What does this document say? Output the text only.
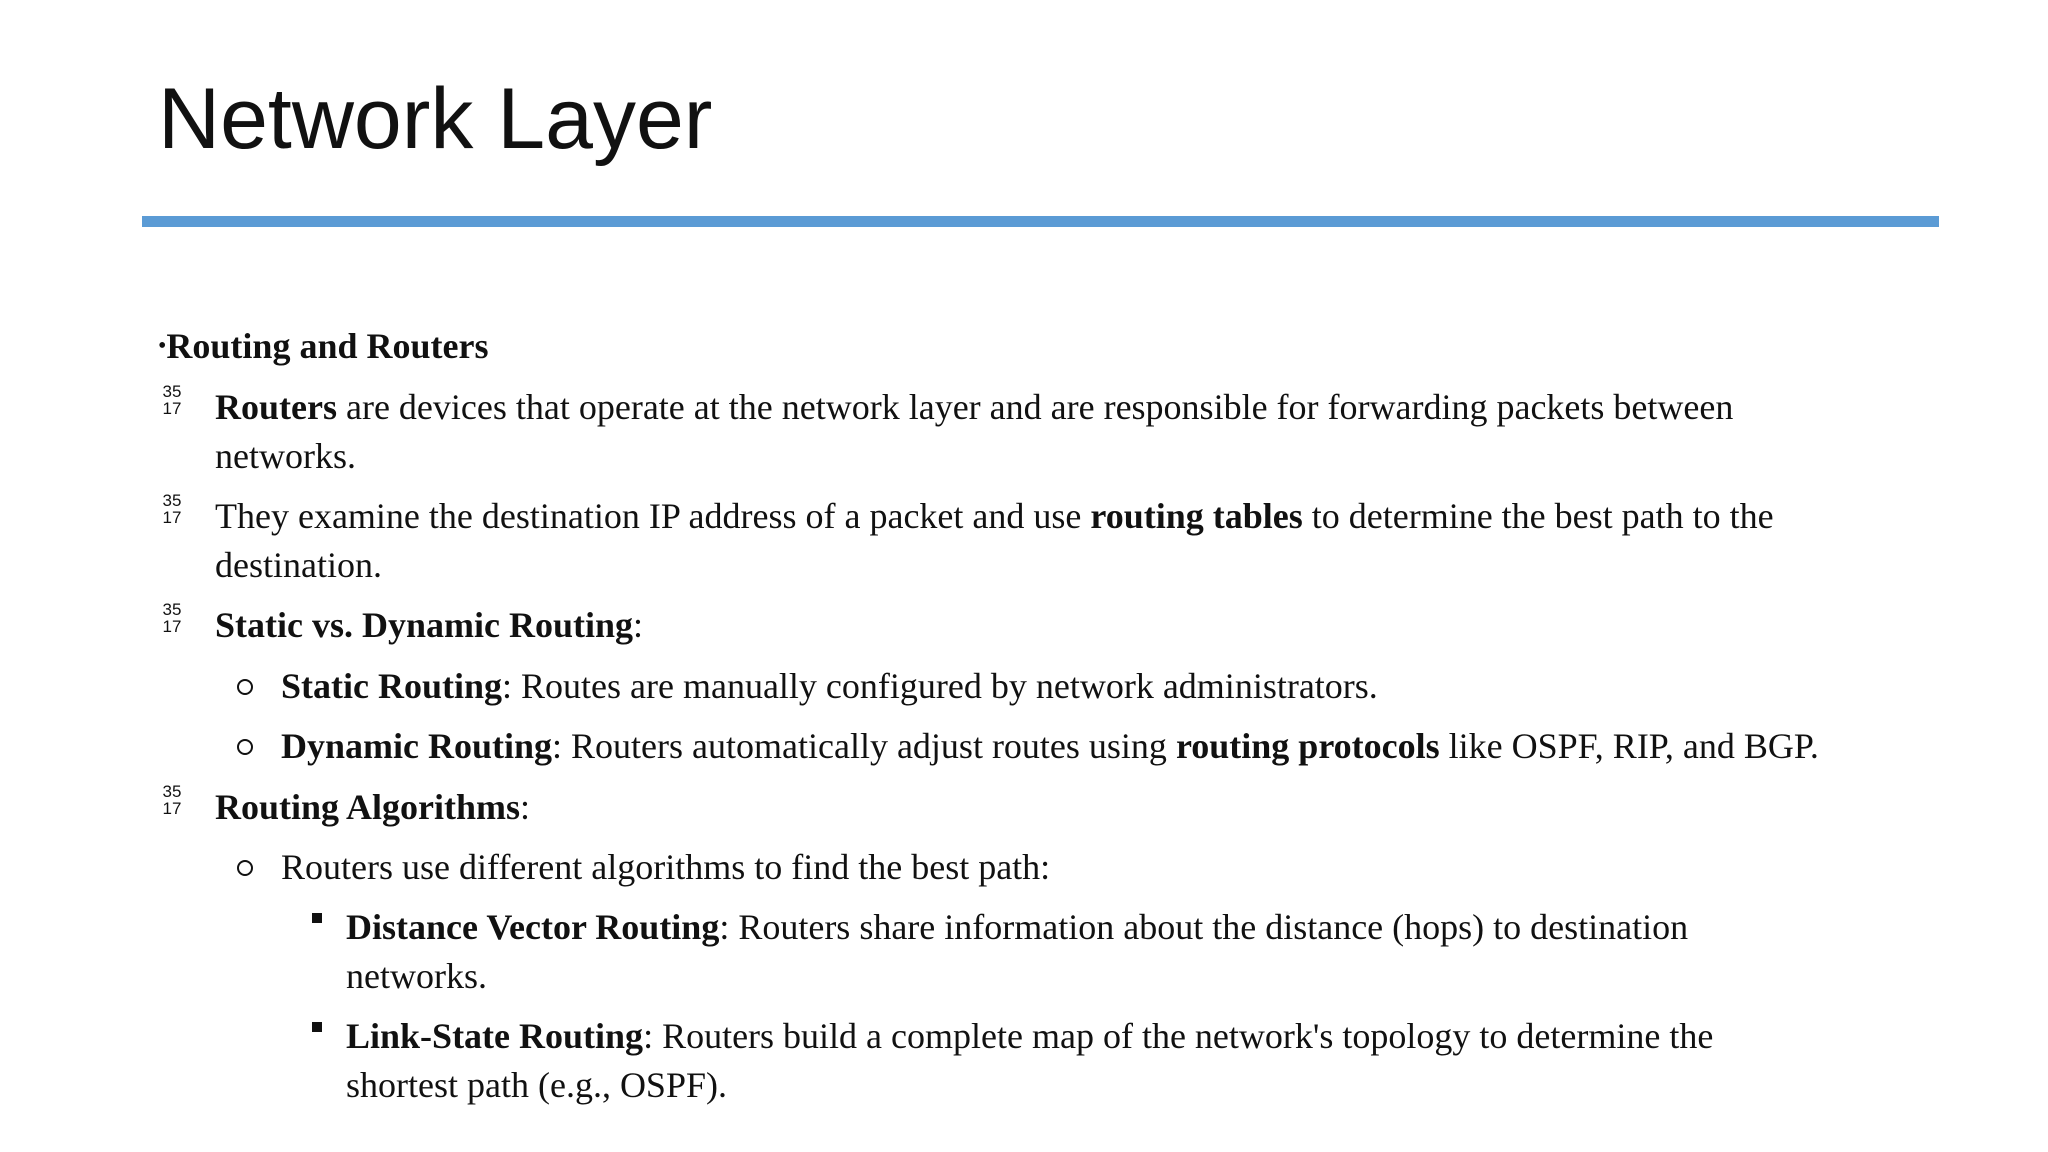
Network Layer
•Routing and Routers
35
17 Routers are devices that operate at the network layer and are responsible for forwarding packets between
networks.
35
17 They examine the destination IP address of a packet and use routing tables to determine the best path to the
destination.
35
17 Static vs. Dynamic Routing:
Static Routing: Routes are manually configured by network administrators.
Dynamic Routing: Routers automatically adjust routes using routing protocols like OSPF, RIP, and BGP.
35
17 Routing Algorithms:
Routers use different algorithms to find the best path:
Distance Vector Routing: Routers share information about the distance (hops) to destination
networks.
Link-State Routing: Routers build a complete map of the network's topology to determine the
shortest path (e.g., OSPF).
